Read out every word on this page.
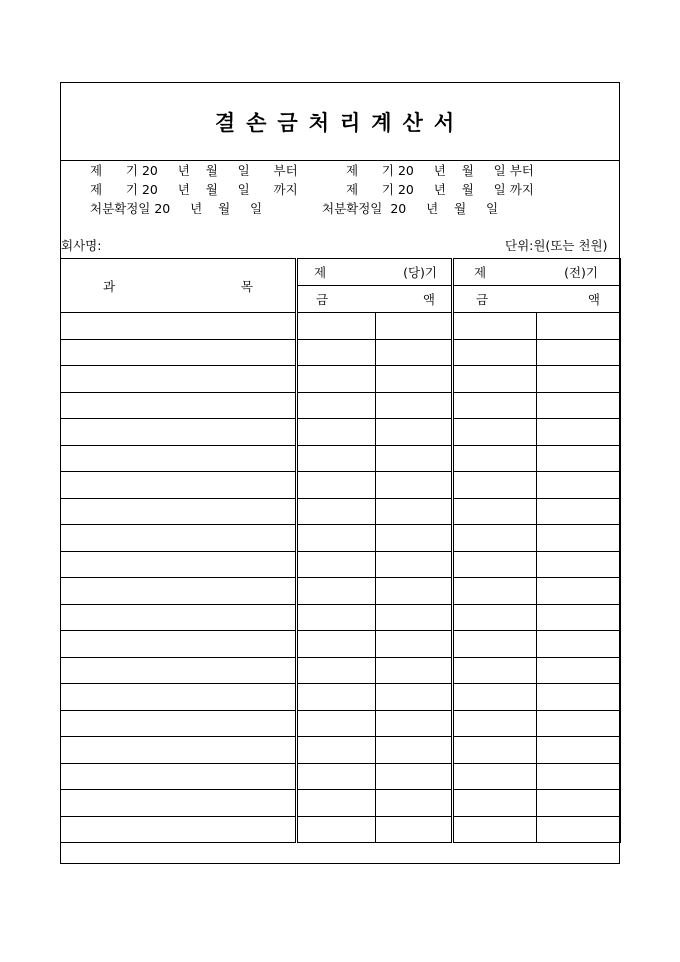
결손금처리계산서
제      기 20     년    월     일      부터	제      기 20     년    월     일 부터
제      기 20     년    월     일      까지	제      기 20     년    월     일 까지
처분확정일 20     년    월     일	처분확정일  20     년    월     일
회사명:	단위:원(또는 천원)
과 목	제 (당)기		제 (전)기	

	금 액		금 액	
